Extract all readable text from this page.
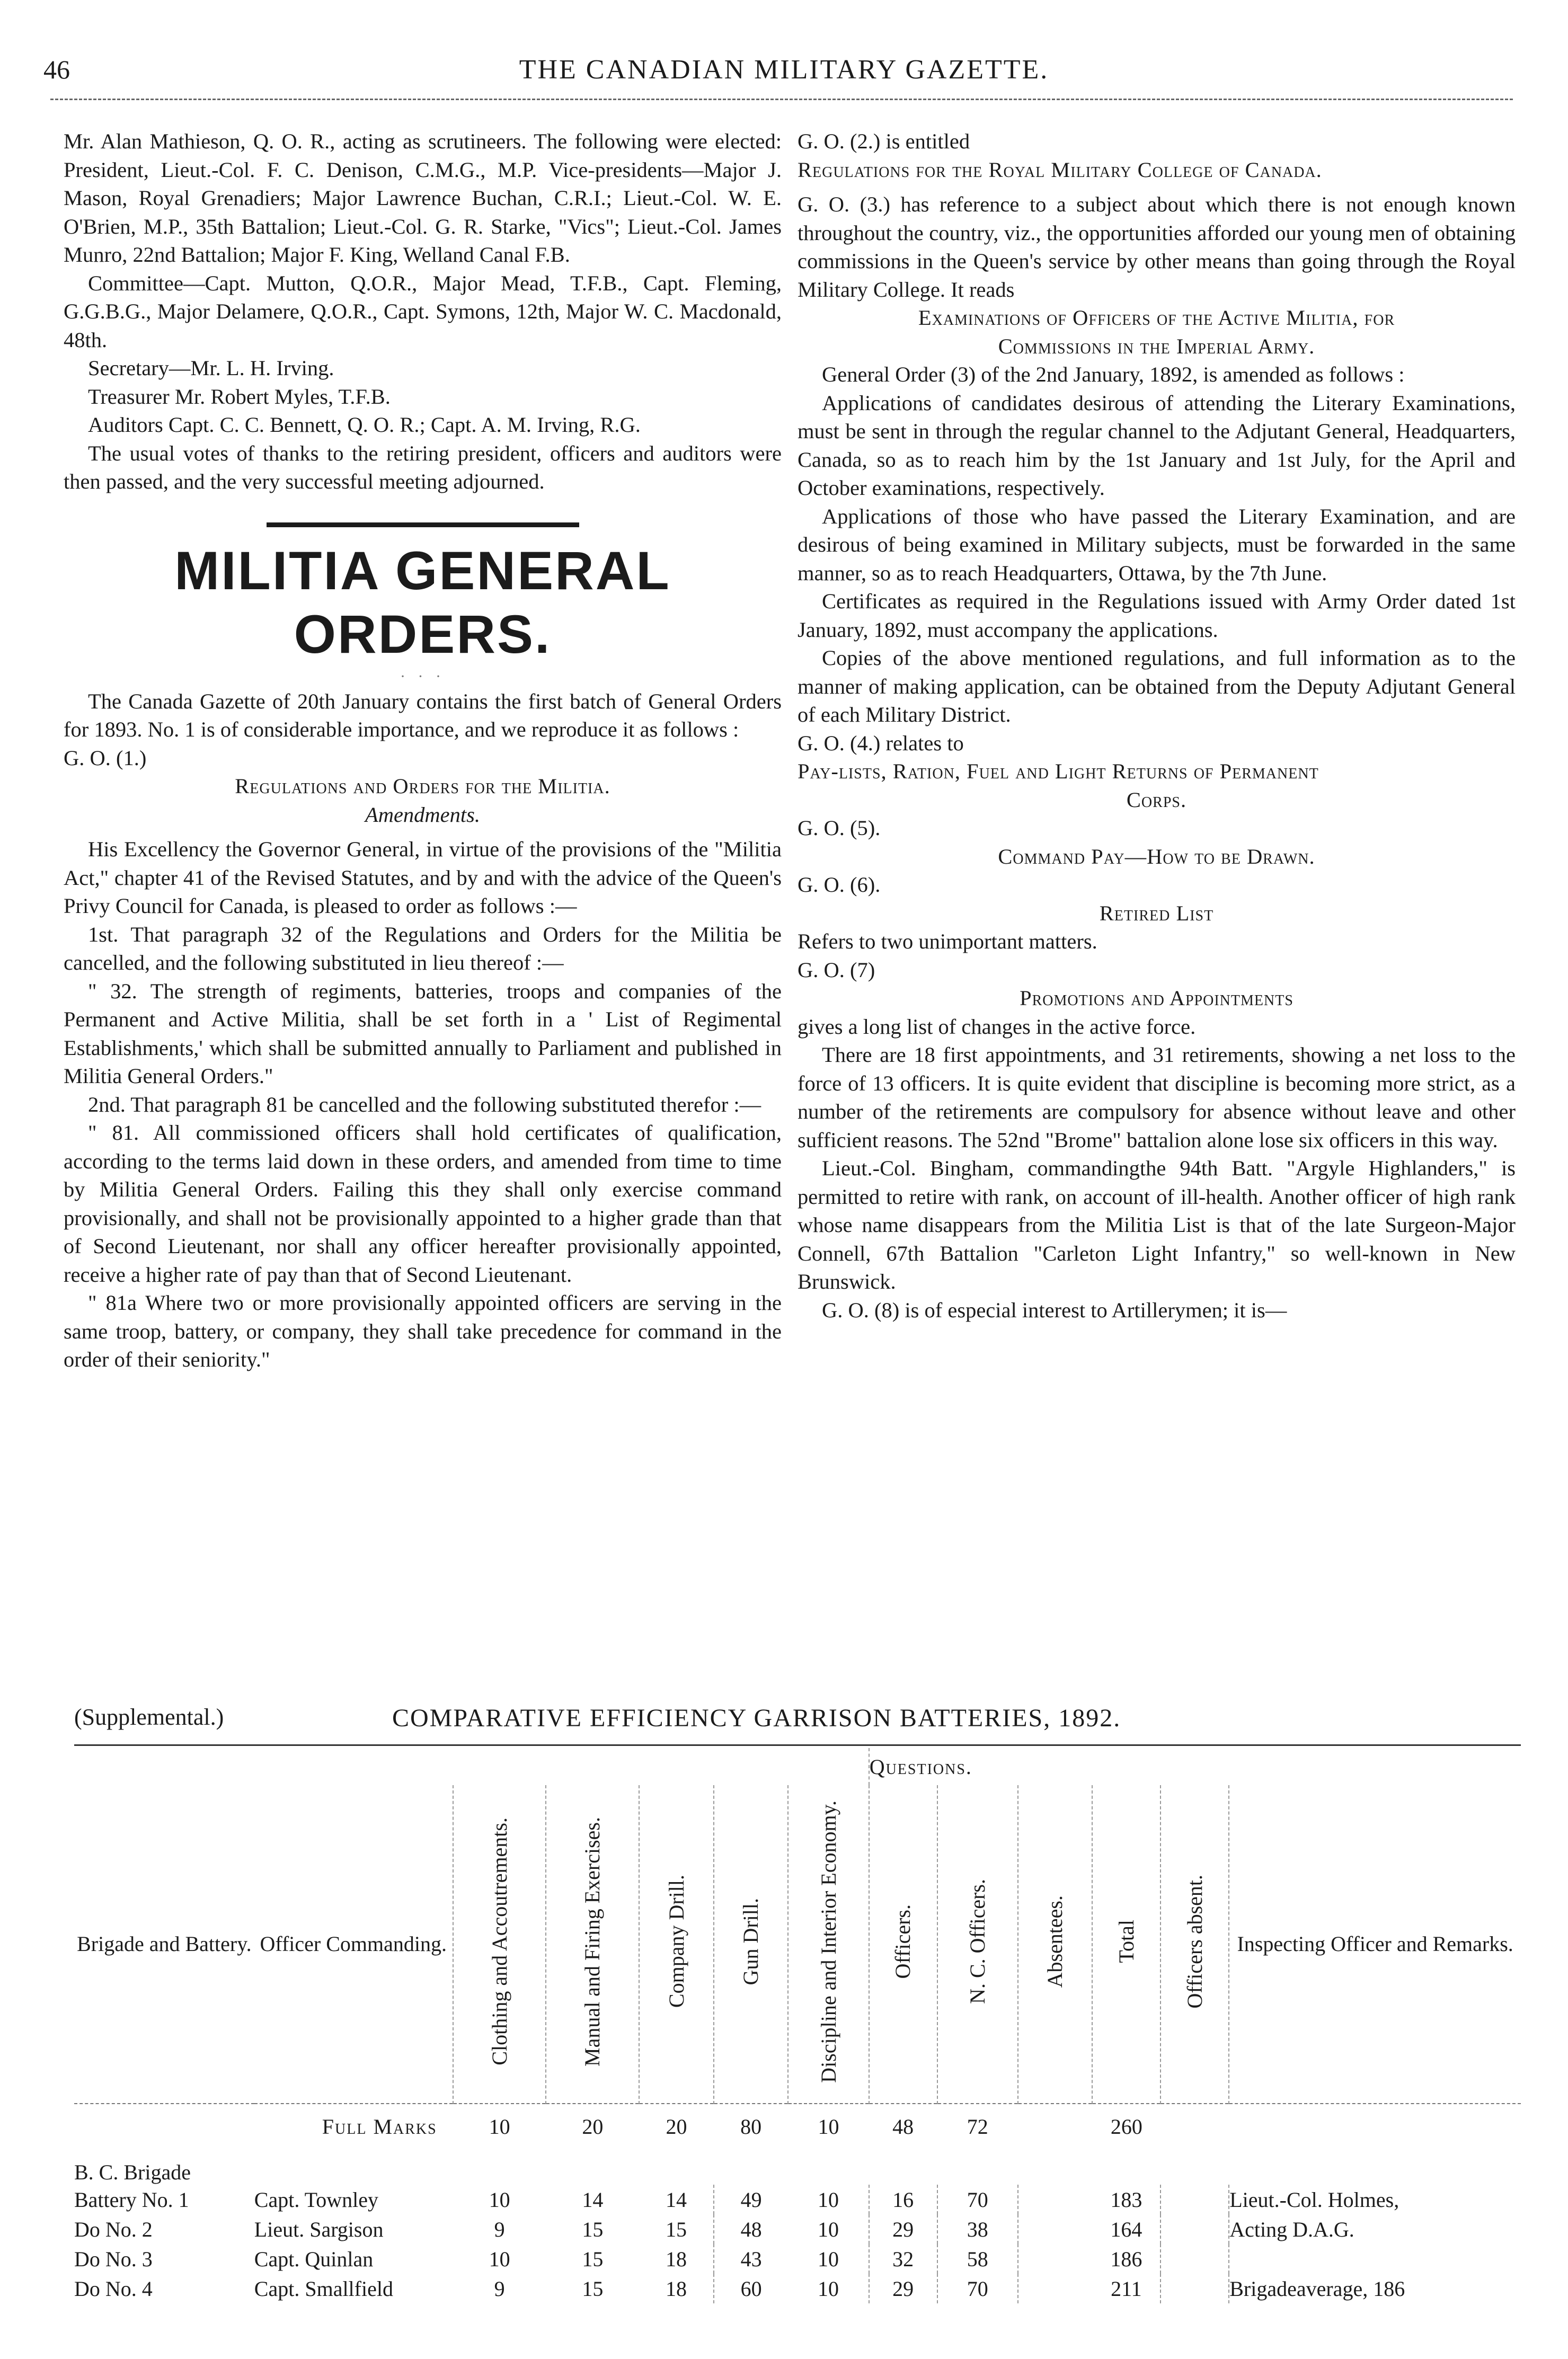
46	THE CANADIAN MILITARY GAZETTE.

Mr. Alan Mathieson, Q. O. R., acting as scrutineers. The following were elected: President, Lieut.-Col. F. C. Denison, C.M.G., M.P. Vice-presidents—Major J. Mason, Royal Grenadiers; Major Lawrence Buchan, C.R.I.; Lieut.-Col. W. E. O'Brien, M.P., 35th Battalion; Lieut.-Col. G. R. Starke, "Vics"; Lieut.-Col. James Munro, 22nd Battalion; Major F. King, Welland Canal F.B.

Committee—Capt. Mutton, Q.O.R., Major Mead, T.F.B., Capt. Fleming, G.G.B.G., Major Delamere, Q.O.R., Capt. Symons, 12th, Major W. C. Macdonald, 48th.

Secretary—Mr. L. H. Irving.

Treasurer Mr. Robert Myles, T.F.B.

Auditors Capt. C. C. Bennett, Q. O. R.; Capt. A. M. Irving, R.G.

The usual votes of thanks to the retiring president, officers and auditors were then passed, and the very successful meeting adjourned.

MILITIA GENERAL ORDERS.
· · ·

The Canada Gazette of 20th January contains the first batch of General Orders for 1893. No. 1 is of considerable importance, and we reproduce it as follows :

G. O. (1.)

Regulations and Orders for the Militia.

Amendments.

His Excellency the Governor General, in virtue of the provisions of the "Militia Act," chapter 41 of the Revised Statutes, and by and with the advice of the Queen's Privy Council for Canada, is pleased to order as follows :—

1st. That paragraph 32 of the Regulations and Orders for the Militia be cancelled, and the following substituted in lieu thereof :—

" 32. The strength of regiments, batteries, troops and companies of the Permanent and Active Militia, shall be set forth in a ' List of Regimental Establishments,' which shall be submitted annually to Parliament and published in Militia General Orders."

2nd. That paragraph 81 be cancelled and the following substituted therefor :—

" 81. All commissioned officers shall hold certificates of qualification, according to the terms laid down in these orders, and amended from time to time by Militia General Orders. Failing this they shall only exercise command provisionally, and shall not be provisionally appointed to a higher grade than that of Second Lieutenant, nor shall any officer hereafter provisionally appointed, receive a higher rate of pay than that of Second Lieutenant.

" 81a Where two or more provisionally appointed officers are serving in the same troop, battery, or company, they shall take precedence for command in the order of their seniority."

G. O. (2.) is entitled

Regulations for the Royal Military College of Canada.

G. O. (3.) has reference to a subject about which there is not enough known throughout the country, viz., the opportunities afforded our young men of obtaining commissions in the Queen's service by other means than going through the Royal Military College. It reads

Examinations of Officers of the Active Militia, for

Commissions in the Imperial Army.

General Order (3) of the 2nd January, 1892, is amended as follows :

Applications of candidates desirous of attending the Literary Examinations, must be sent in through the regular channel to the Adjutant General, Headquarters, Canada, so as to reach him by the 1st January and 1st July, for the April and October examinations, respectively.

Applications of those who have passed the Literary Examination, and are desirous of being examined in Military subjects, must be forwarded in the same manner, so as to reach Headquarters, Ottawa, by the 7th June.

Certificates as required in the Regulations issued with Army Order dated 1st January, 1892, must accompany the applications.

Copies of the above mentioned regulations, and full information as to the manner of making application, can be obtained from the Deputy Adjutant General of each Military District.

G. O. (4.) relates to

Pay-lists, Ration, Fuel and Light Returns of Permanent

Corps.

G. O. (5).

Command Pay—How to be Drawn.

G. O. (6).

Retired List

Refers to two unimportant matters.

G. O. (7)

Promotions and Appointments

gives a long list of changes in the active force.

There are 18 first appointments, and 31 retirements, showing a net loss to the force of 13 officers. It is quite evident that discipline is becoming more strict, as a number of the retirements are compulsory for absence without leave and other sufficient reasons. The 52nd "Brome" battalion alone lose six officers in this way.

Lieut.-Col. Bingham, commandingthe 94th Batt. "Argyle Highlanders," is permitted to retire with rank, on account of ill-health. Another officer of high rank whose name disappears from the Militia List is that of the late Surgeon-Major Connell, 67th Battalion "Carleton Light Infantry," so well-known in New Brunswick.

G. O. (8) is of especial interest to Artillerymen; it is—

(Supplemental.)	COMPARATIVE EFFICIENCY GARRISON BATTERIES, 1892.

							Questions.					
Brigade and Battery.	Officer Commanding.	Clothing and Accoutrements.	Manual and Firing Exercises.	Company Drill.	Gun Drill.	Discipline and Interior Economy.	Officers.	N. C. Officers.	Absentees.	Total	Officers absent.	Inspecting Officer and Remarks.

Full Marks		10	20	20	80	10	48	72		260		
B. C. Brigade												
Battery No. 1	Capt. Townley	10	14	14	49	10	16	70		183		Lieut.-Col. Holmes,
Do No. 2	Lieut. Sargison	9	15	15	48	10	29	38		164		Acting D.A.G.
Do No. 3	Capt. Quinlan	10	15	18	43	10	32	58		186		
Do No. 4	Capt. Smallfield	9	15	18	60	10	29	70		211		Brigadeaverage, 186
